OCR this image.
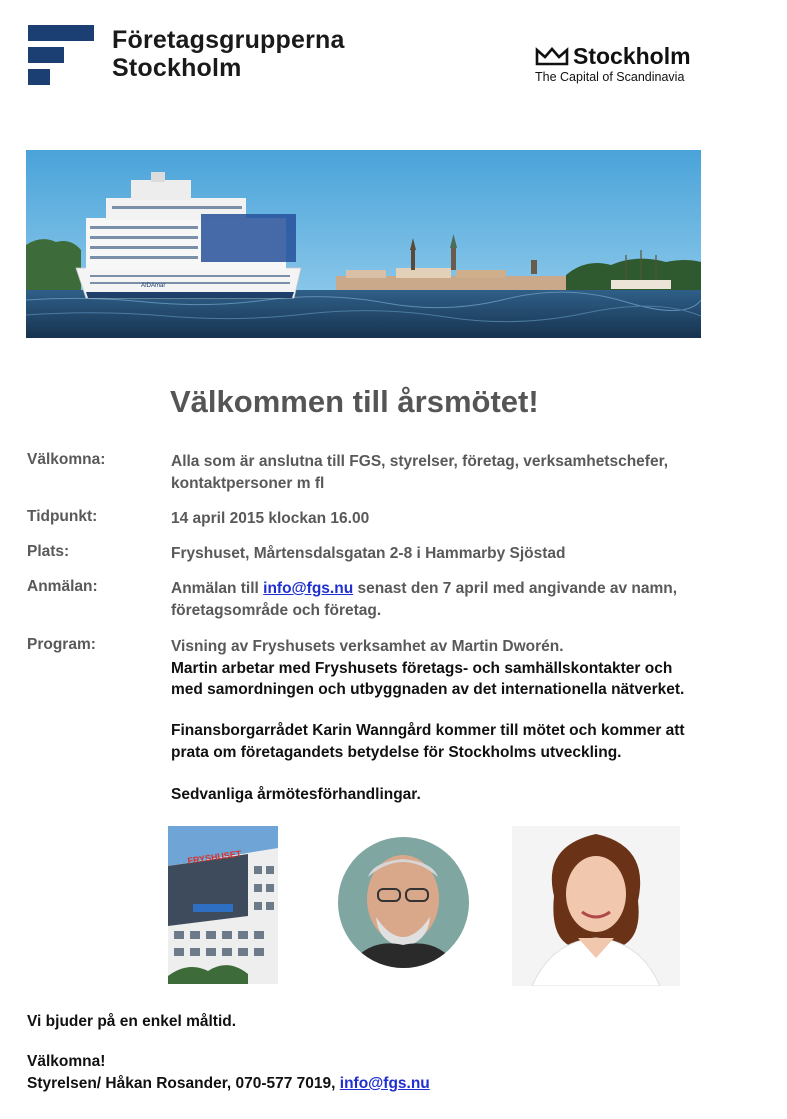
Företagsgrupperna
Stockholm	Stockholm
The Capital of Scandinavia
AIDAmar
Välkommen till årsmötet!
Välkomna:	Alla som är anslutna till FGS, styrelser, företag, verksamhetschefer,
kontaktpersoner m fl
Tidpunkt:	14 april 2015 klockan 16.00
Plats:	Fryshuset, Mårtensdalsgatan 2-8 i Hammarby Sjöstad
Anmälan:	Anmälan till info@fgs.nu senast den 7 april med angivande av namn,
företagsområde och företag.
Program:	Visning av Fryshusets verksamhet av Martin Dworén.
Martin arbetar med Fryshusets företags- och samhällskontakter och
med samordningen och utbyggnaden av det internationella nätverket.
Finansborgarrådet Karin Wanngård kommer till mötet och kommer att
prata om företagandets betydelse för Stockholms utveckling.
Sedvanliga årmötesförhandlingar.
FRYSHUSET
Vi bjuder på en enkel måltid.
Välkomna!
Styrelsen/ Håkan Rosander, 070-577 7019, info@fgs.nu
